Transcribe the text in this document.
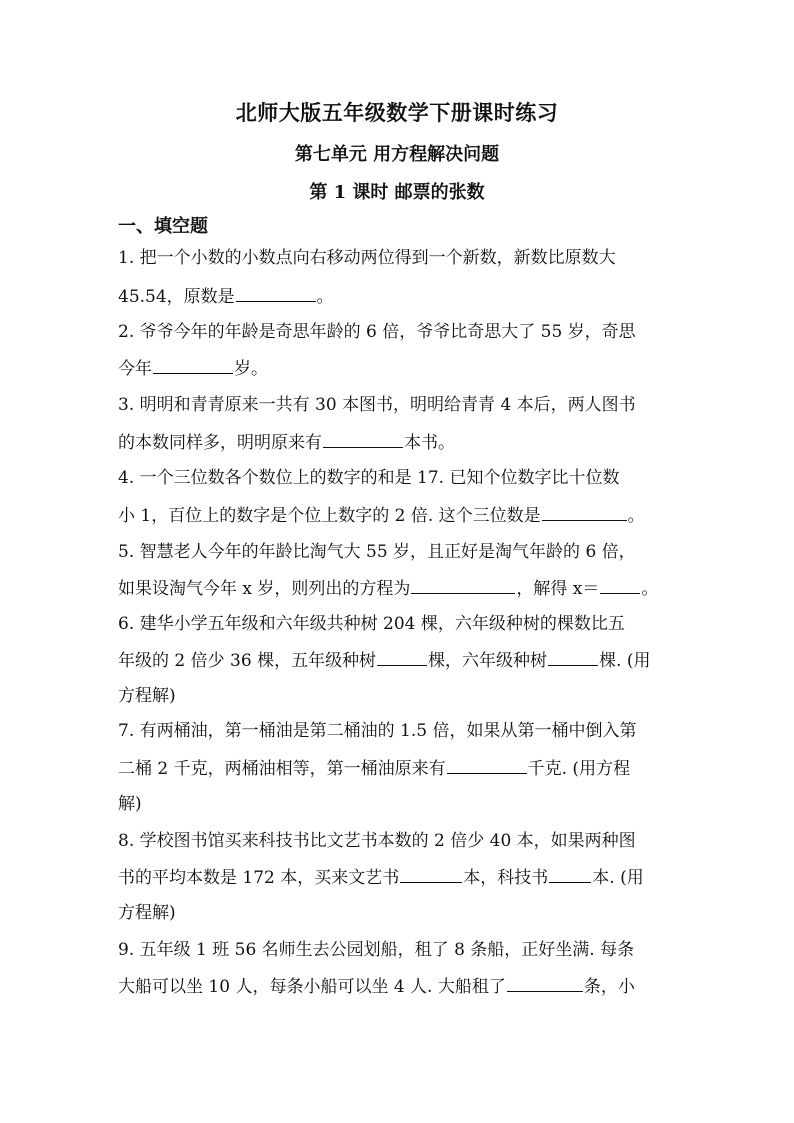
北师大版五年级数学下册课时练习
第七单元 用方程解决问题
第 1 课时 邮票的张数
一、填空题
1. 把一个小数的小数点向右移动两位得到一个新数，新数比原数大
45.54，原数是	。
2. 爷爷今年的年龄是奇思年龄的 6 倍，爷爷比奇思大了 55 岁，奇思
今年	岁。
3. 明明和青青原来一共有 30 本图书，明明给青青 4 本后，两人图书
的本数同样多，明明原来有	本书。
4. 一个三位数各个数位上的数字的和是 17. 已知个位数字比十位数
小 1，百位上的数字是个位上数字的 2 倍. 这个三位数是	。
5. 智慧老人今年的年龄比淘气大 55 岁，且正好是淘气年龄的 6 倍，
如果设淘气今年 x 岁，则列出的方程为	，解得 x＝ 。
6. 建华小学五年级和六年级共种树 204 棵，六年级种树的棵数比五
年级的 2 倍少 36 棵，五年级种树	棵，六年级种树	棵. (用
方程解)
7. 有两桶油，第一桶油是第二桶油的 1.5 倍，如果从第一桶中倒入第
二桶 2 千克，两桶油相等，第一桶油原来有	千克. (用方程
解)
8. 学校图书馆买来科技书比文艺书本数的 2 倍少 40 本，如果两种图
书的平均本数是 172 本，买来文艺书	本，科技书	本. (用
方程解)
9. 五年级 1 班 56 名师生去公园划船，租了 8 条船，正好坐满. 每条
大船可以坐 10 人，每条小船可以坐 4 人. 大船租了	条，小
